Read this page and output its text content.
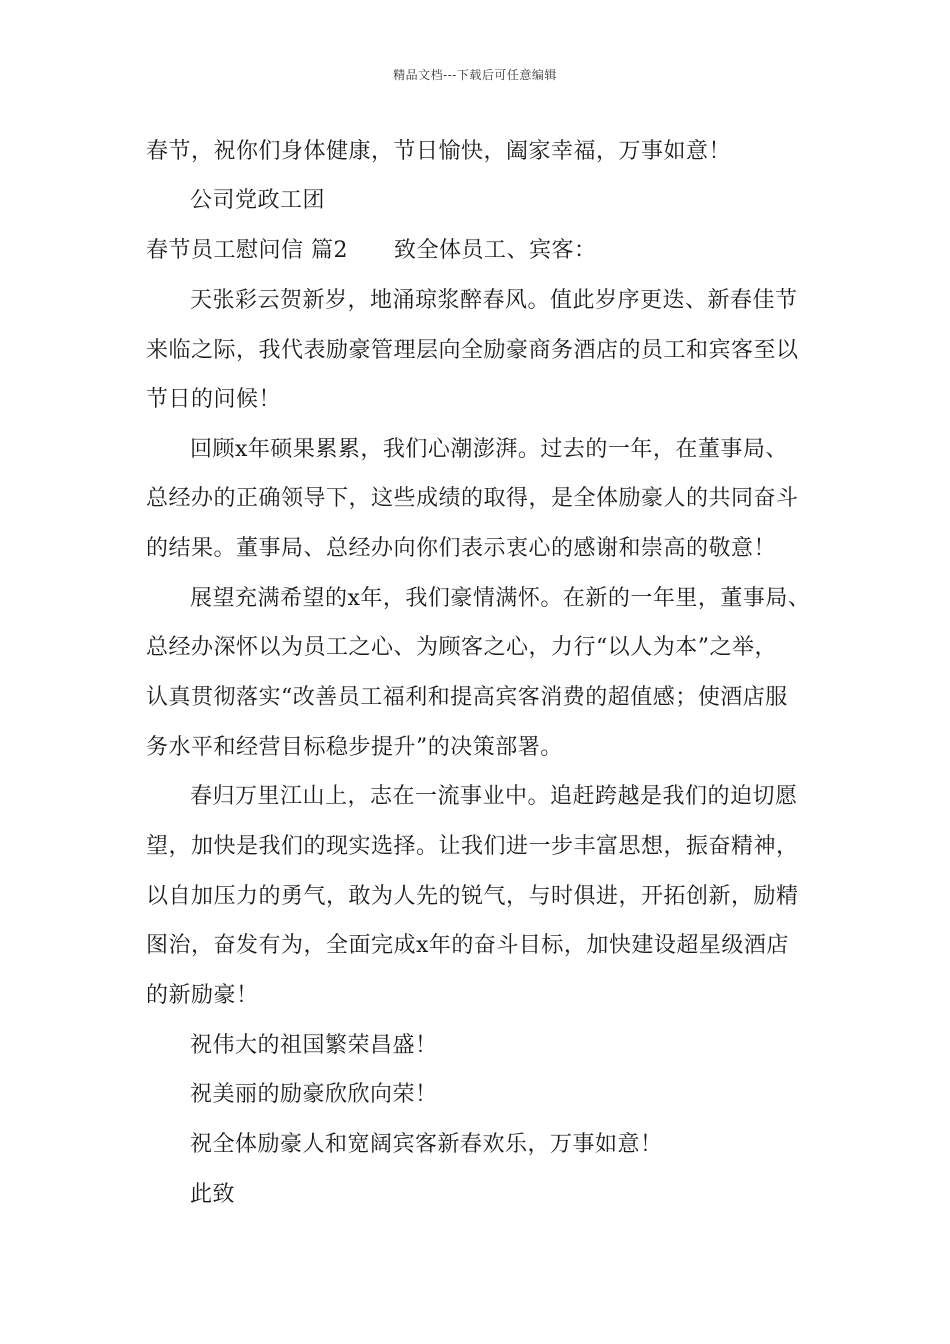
精品文档---下载后可任意编辑
春节，祝你们身体健康，节日愉快，阖家幸福，万事如意！
公司党政工团
春节员工慰问信 篇2 致全体员工、宾客：
天张彩云贺新岁，地涌琼浆醉春风。值此岁序更迭、新春佳节
来临之际，我代表励豪管理层向全励豪商务酒店的员工和宾客至以
节日的问候！
回顾x年硕果累累，我们心潮澎湃。过去的一年，在董事局、
总经办的正确领导下，这些成绩的取得，是全体励豪人的共同奋斗
的结果。董事局、总经办向你们表示衷心的感谢和崇高的敬意！
展望充满希望的x年，我们豪情满怀。在新的一年里，董事局、
总经办深怀以为员工之心、为顾客之心，力行“以人为本”之举，
认真贯彻落实“改善员工福利和提高宾客消费的超值感；使酒店服
务水平和经营目标稳步提升”的决策部署。
春归万里江山上，志在一流事业中。追赶跨越是我们的迫切愿
望，加快是我们的现实选择。让我们进一步丰富思想，振奋精神，
以自加压力的勇气，敢为人先的锐气，与时俱进，开拓创新，励精
图治，奋发有为，全面完成x年的奋斗目标，加快建设超星级酒店
的新励豪！
祝伟大的祖国繁荣昌盛！
祝美丽的励豪欣欣向荣！
祝全体励豪人和宽阔宾客新春欢乐，万事如意！
此致
